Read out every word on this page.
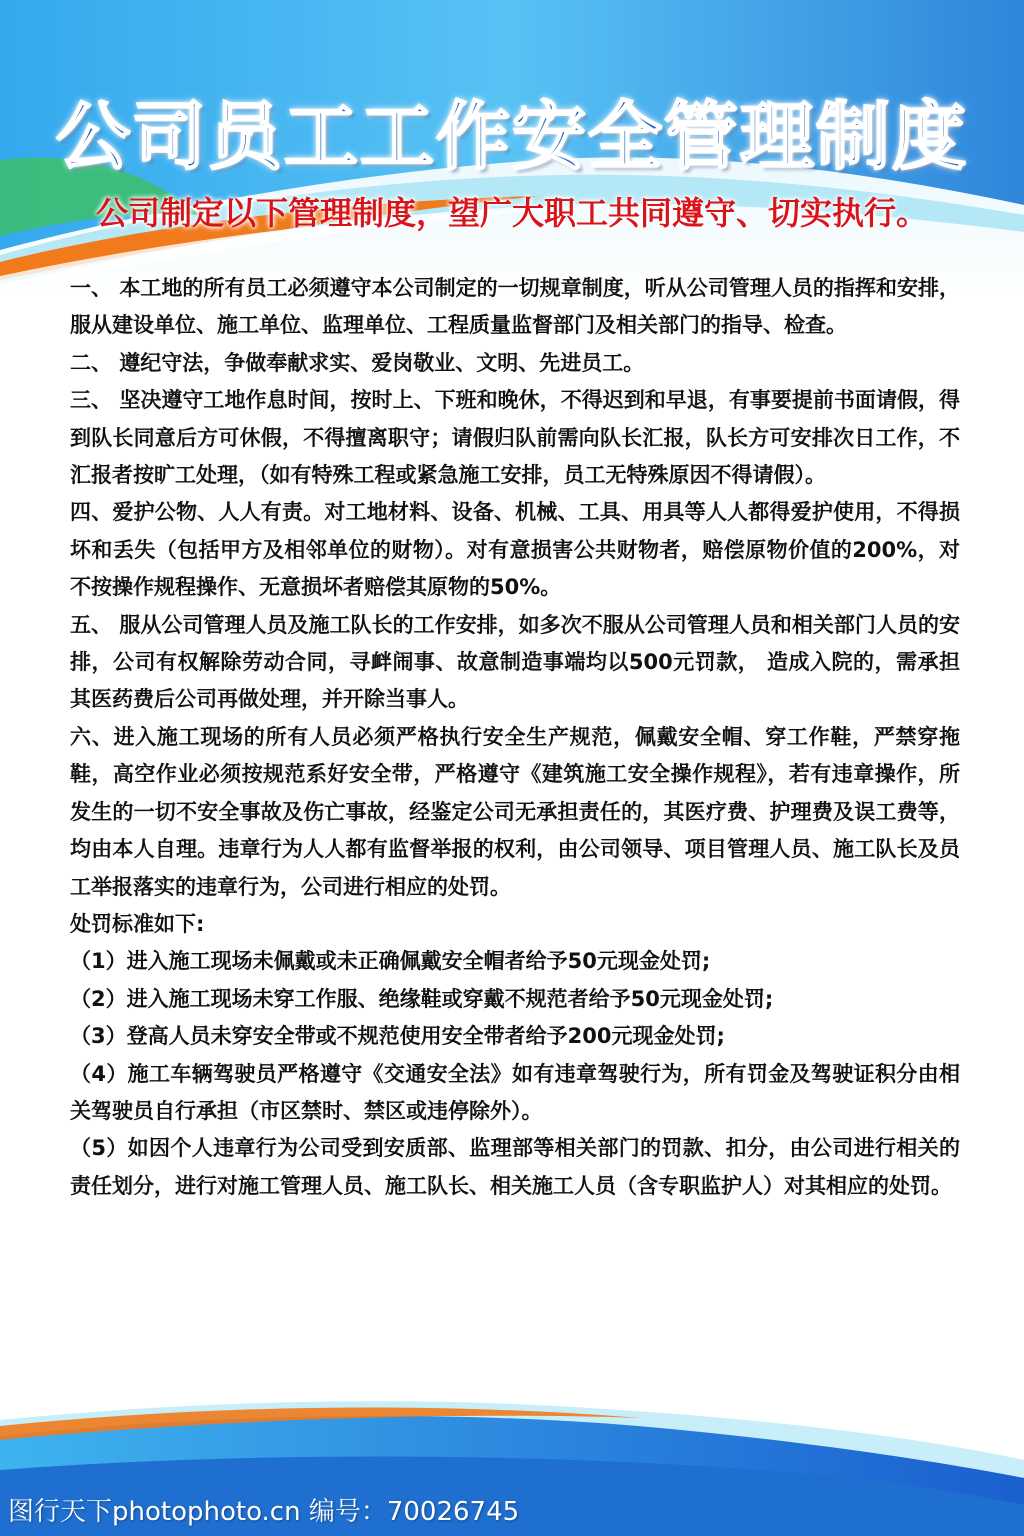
公司员工工作安全管理制度
公司制定以下管理制度，望广大职工共同遵守、切实执行。

一、 本工地的所有员工必须遵守本公司制定的一切规章制度，听从公司管理人员的指挥和安排，服从建设单位、施工单位、监理单位、工程质量监督部门及相关部门的指导、检查。

二、 遵纪守法，争做奉献求实、爱岗敬业、文明、先进员工。

三、 坚决遵守工地作息时间，按时上、下班和晚休，不得迟到和早退，有事要提前书面请假，得到队长同意后方可休假，不得擅离职守；请假归队前需向队长汇报，队长方可安排次日工作，不汇报者按旷工处理，（如有特殊工程或紧急施工安排，员工无特殊原因不得请假）。

四、爱护公物、人人有责。对工地材料、设备、机械、工具、用具等人人都得爱护使用，不得损坏和丢失（包括甲方及相邻单位的财物）。对有意损害公共财物者，赔偿原物价值的200%，对不按操作规程操作、无意损坏者赔偿其原物的50%。

五、 服从公司管理人员及施工队长的工作安排，如多次不服从公司管理人员和相关部门人员的安排，公司有权解除劳动合同，寻衅闹事、故意制造事端均以500元罚款， 造成入院的，需承担其医药费后公司再做处理，并开除当事人。

六、进入施工现场的所有人员必须严格执行安全生产规范，佩戴安全帽、穿工作鞋，严禁穿拖鞋，高空作业必须按规范系好安全带，严格遵守《建筑施工安全操作规程》，若有违章操作，所发生的一切不安全事故及伤亡事故，经鉴定公司无承担责任的，其医疗费、护理费及误工费等，均由本人自理。违章行为人人都有监督举报的权利，由公司领导、项目管理人员、施工队长及员工举报落实的违章行为，公司进行相应的处罚。

处罚标准如下:

（1）进入施工现场未佩戴或未正确佩戴安全帽者给予50元现金处罚;

（2）进入施工现场未穿工作服、绝缘鞋或穿戴不规范者给予50元现金处罚;

（3）登高人员未穿安全带或不规范使用安全带者给予200元现金处罚;

（4）施工车辆驾驶员严格遵守《交通安全法》如有违章驾驶行为，所有罚金及驾驶证积分由相关驾驶员自行承担（市区禁时、禁区或违停除外）。

（5）如因个人违章行为公司受到安质部、监理部等相关部门的罚款、扣分，由公司进行相关的责任划分，进行对施工管理人员、施工队长、相关施工人员（含专职监护人）对其相应的处罚。

图行天下photophoto.cn 编号：70026745
